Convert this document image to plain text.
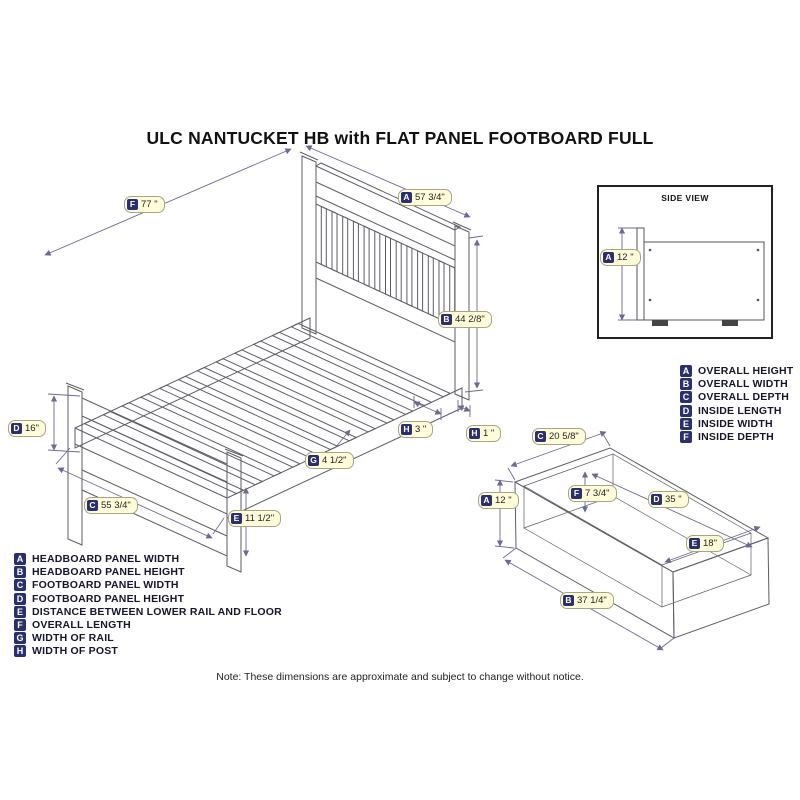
ULC NANTUCKET HB with FLAT PANEL FOOTBOARD FULL
SIDE VIEW
F 77 "
A 57 3/4"
B 44 2/8"
D 16"
C 55 3/4"
E 11 1/2"
G 4 1/2"
H 3 "	H 1 "
A 12 "
C 20 5/8"
A 12 "
F 7 3/4"	D 35 "
E 18"
B 37 1/4"
A HEADBOARD PANEL WIDTH
B HEADBOARD PANEL HEIGHT
C FOOTBOARD PANEL WIDTH
D FOOTBOARD PANEL HEIGHT
E DISTANCE BETWEEN LOWER RAIL AND FLOOR
F OVERALL LENGTH
G WIDTH OF RAIL
H WIDTH OF POST
A OVERALL HEIGHT
B OVERALL WIDTH
C OVERALL DEPTH
D INSIDE LENGTH
E INSIDE WIDTH
F INSIDE DEPTH
Note: These dimensions are approximate and subject to change without notice.
